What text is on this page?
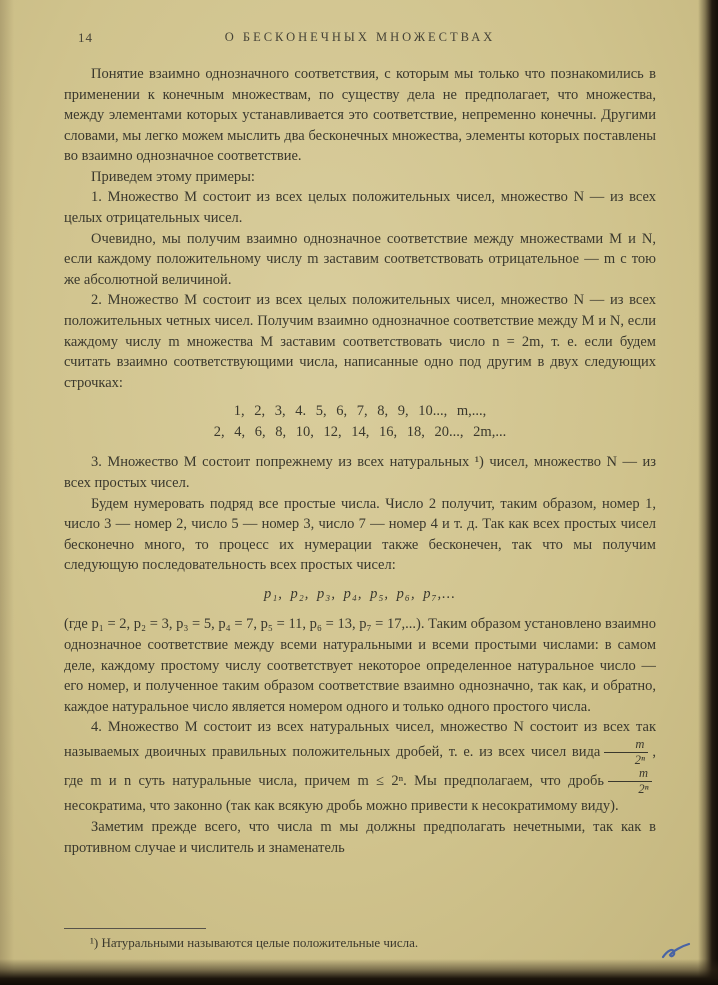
14	О БЕСКОНЕЧНЫХ МНОЖЕСТВАХ

Понятие взаимно однозначного соответствия, с которым мы только что познакомились в применении к конечным множествам, по существу дела не предполагает, что множества, между элементами которых устанавливается это соответствие, непременно конечны. Другими словами, мы легко можем мыслить два бесконечных множества, элементы которых поставлены во взаимно однозначное соответствие.

Приведем этому примеры:

1. Множество M состоит из всех целых положительных чисел, множество N — из всех целых отрицательных чисел.

Очевидно, мы получим взаимно однозначное соответствие между множествами M и N, если каждому положительному числу m заставим соответствовать отрицательное — m с тою же абсолютной величиной.

2. Множество M состоит из всех целых положительных чисел, множество N — из всех положительных четных чисел. Получим взаимно однозначное соответствие между M и N, если каждому числу m множества M заставим соответствовать число n = 2m, т. е. если будем считать взаимно соответствующими числа, написанные одно под другим в двух следующих строчках:

1, 2, 3, 4. 5, 6, 7, 8, 9, 10..., m,...,
2, 4, 6, 8, 10, 12, 14, 16, 18, 20..., 2m,...

3. Множество M состоит попрежнему из всех натуральных ¹) чисел, множество N — из всех простых чисел.

Будем нумеровать подряд все простые числа. Число 2 получит, таким образом, номер 1, число 3 — номер 2, число 5 — номер 3, число 7 — номер 4 и т. д. Так как всех простых чисел бесконечно много, то процесс их нумерации также бесконечен, так что мы получим следующую последовательность всех простых чисел:

p₁, p₂, p₃, p₄, p₅, p₆, p₇,...

(где p₁ = 2, p₂ = 3, p₃ = 5, p₄ = 7, p₅ = 11, p₆ = 13, p₇ = 17,...). Таким образом установлено взаимно однозначное соответствие между всеми натуральными и всеми простыми числами: в самом деле, каждому простому числу соответствует некоторое определенное натуральное число — его номер, и полученное таким образом соответствие взаимно однозначно, так как, и обратно, каждое натуральное число является номером одного и только одного простого числа.

4. Множество M состоит из всех натуральных чисел, множество N состоит из всех так называемых двоичных правильных положительных дробей, т. е. из всех чисел вида $\frac{m}{\text{2ⁿ}}$ , где m и n суть натуральные числа, причем m ≤ 2ⁿ. Мы предполагаем, что дробь $\frac{m}{\text{2ⁿ}}$
несократима, что законно (так как всякую дробь можно привести к несократимому виду).

Заметим прежде всего, что числа m мы должны предполагать нечетными, так как в противном случае и числитель и знаменатель

¹) Натуральными называются целые положительные числа.
